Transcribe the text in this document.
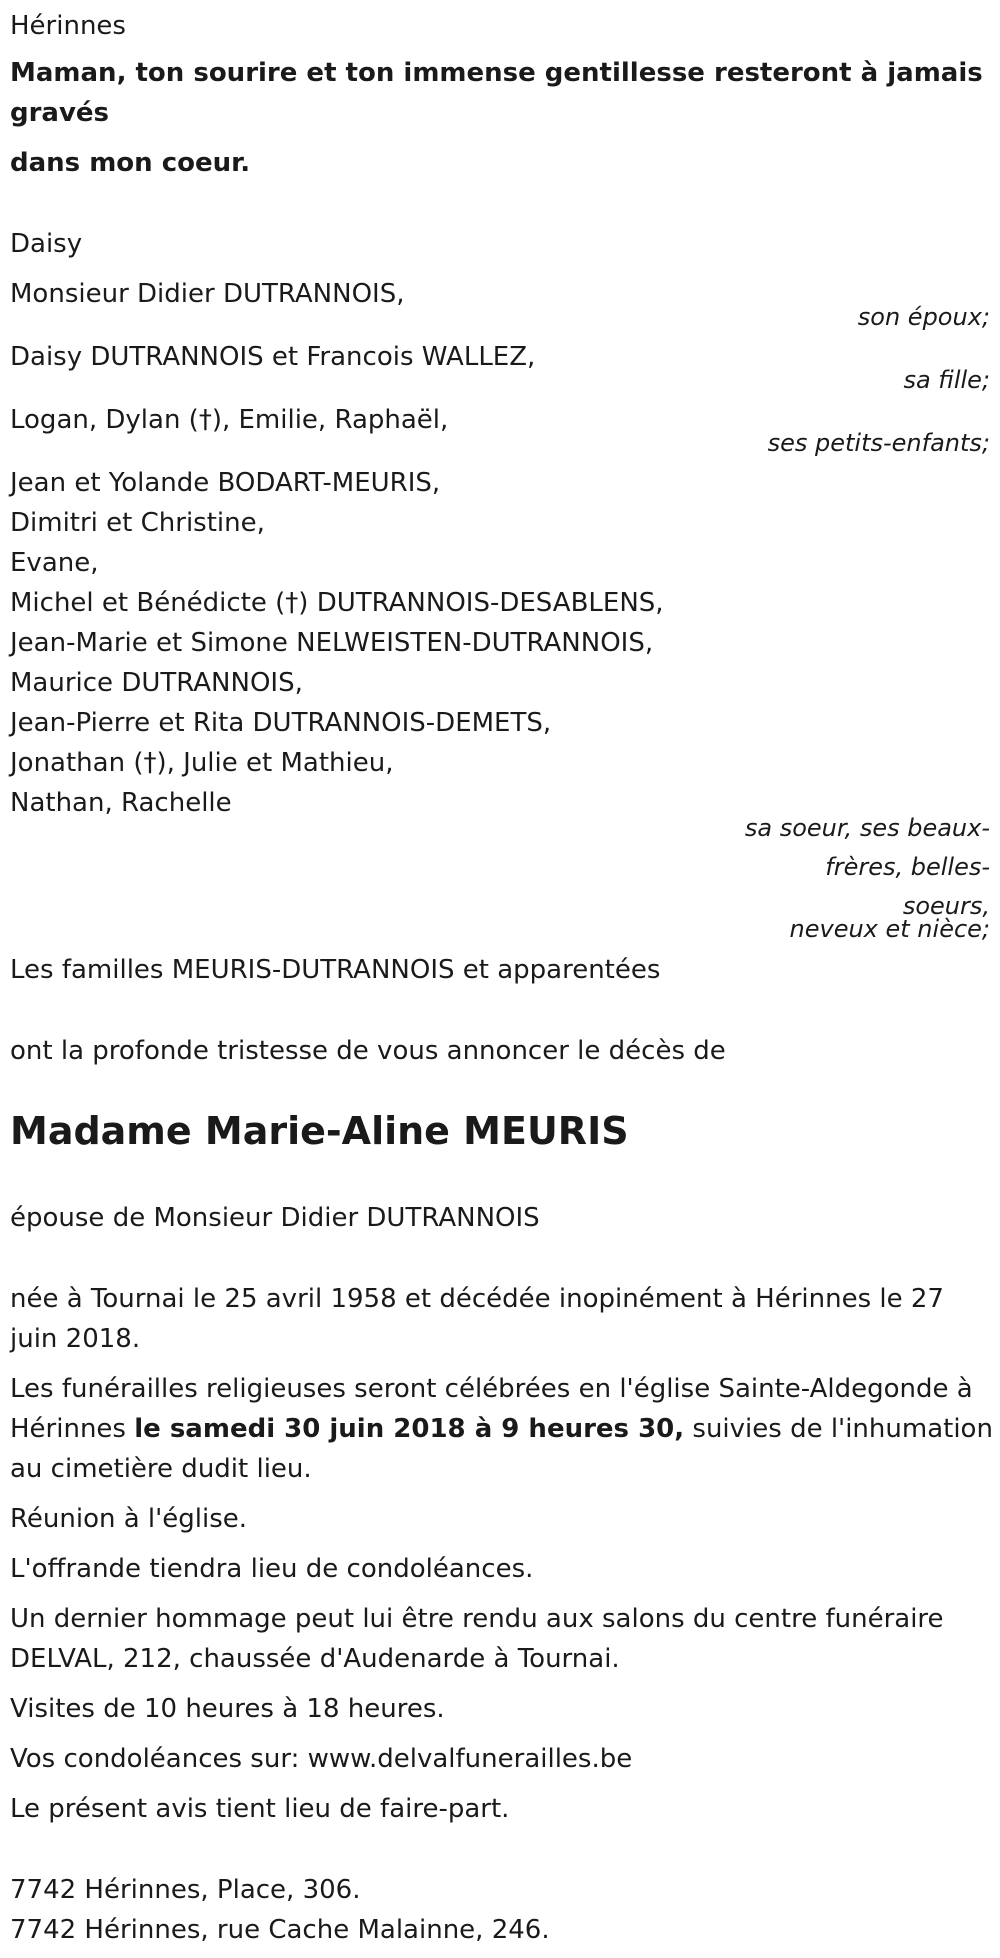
Hérinnes

Maman, ton sourire et ton immense gentillesse resteront à jamais

gravés

dans mon coeur.

Daisy

Monsieur Didier DUTRANNOIS,

son époux;

Daisy DUTRANNOIS et Francois WALLEZ,

sa fille;

Logan, Dylan (†), Emilie, Raphaël,

ses petits-enfants;

Jean et Yolande BODART-MEURIS,

Dimitri et Christine,

Evane,

Michel et Bénédicte (†) DUTRANNOIS-DESABLENS,

Jean-Marie et Simone NELWEISTEN-DUTRANNOIS,

Maurice DUTRANNOIS,

Jean-Pierre et Rita DUTRANNOIS-DEMETS,

Jonathan (†), Julie et Mathieu,

Nathan, Rachelle

sa soeur, ses beaux-
frères, belles-
soeurs,
neveux et nièce;

Les familles MEURIS-DUTRANNOIS et apparentées

ont la profonde tristesse de vous annoncer le décès de

Madame Marie-Aline MEURIS

épouse de Monsieur Didier DUTRANNOIS

née à Tournai le 25 avril 1958 et décédée inopinément à Hérinnes le 27

juin 2018.

Les funérailles religieuses seront célébrées en l'église Sainte-Aldegonde à

Hérinnes le samedi 30 juin 2018 à 9 heures 30, suivies de l'inhumation

au cimetière dudit lieu.

Réunion à l'église.

L'offrande tiendra lieu de condoléances.

Un dernier hommage peut lui être rendu aux salons du centre funéraire

DELVAL, 212, chaussée d'Audenarde à Tournai.

Visites de 10 heures à 18 heures.

Vos condoléances sur: www.delvalfunerailles.be

Le présent avis tient lieu de faire-part.

7742 Hérinnes, Place, 306.

7742 Hérinnes, rue Cache Malainne, 246.
